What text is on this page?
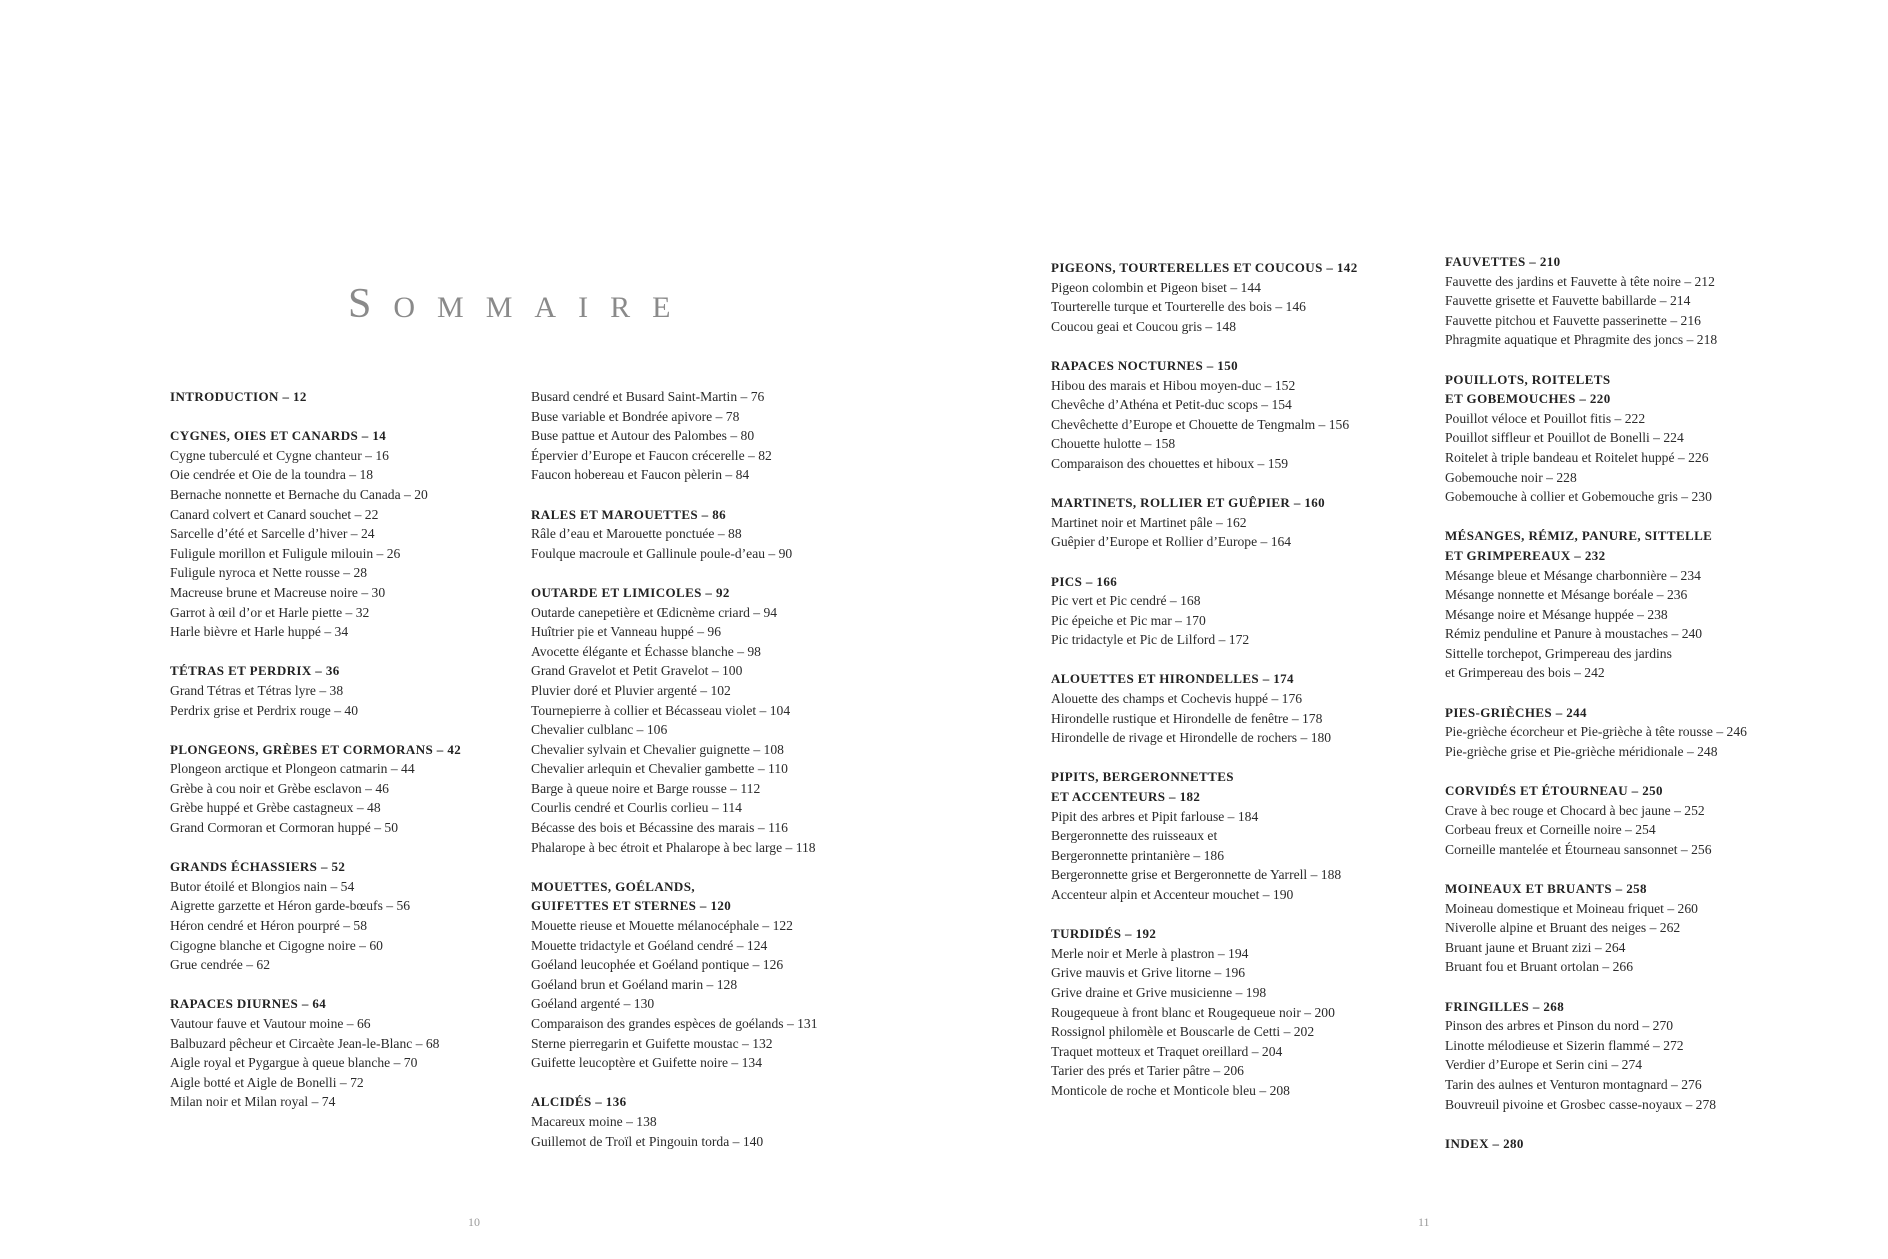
SOMMAIRE
INTRODUCTION – 12
CYGNES, OIES ET CANARDS – 14
Cygne tuberculé et Cygne chanteur – 16
Oie cendrée et Oie de la toundra – 18
Bernache nonnette et Bernache du Canada – 20
Canard colvert et Canard souchet – 22
Sarcelle d’été et Sarcelle d’hiver – 24
Fuligule morillon et Fuligule milouin – 26
Fuligule nyroca et Nette rousse – 28
Macreuse brune et Macreuse noire – 30
Garrot à œil d’or et Harle piette – 32
Harle bièvre et Harle huppé – 34
TÉTRAS ET PERDRIX – 36
Grand Tétras et Tétras lyre – 38
Perdrix grise et Perdrix rouge – 40
PLONGEONS, GRÈBES ET CORMORANS – 42
Plongeon arctique et Plongeon catmarin – 44
Grèbe à cou noir et Grèbe esclavon – 46
Grèbe huppé et Grèbe castagneux – 48
Grand Cormoran et Cormoran huppé – 50
GRANDS ÉCHASSIERS – 52
Butor étoilé et Blongios nain – 54
Aigrette garzette et Héron garde-bœufs – 56
Héron cendré et Héron pourpré – 58
Cigogne blanche et Cigogne noire – 60
Grue cendrée – 62
RAPACES DIURNES – 64
Vautour fauve et Vautour moine – 66
Balbuzard pêcheur et Circaète Jean-le-Blanc – 68
Aigle royal et Pygargue à queue blanche – 70
Aigle botté et Aigle de Bonelli – 72
Milan noir et Milan royal – 74
Busard cendré et Busard Saint-Martin – 76
Buse variable et Bondrée apivore – 78
Buse pattue et Autour des Palombes – 80
Épervier d’Europe et Faucon crécerelle – 82
Faucon hobereau et Faucon pèlerin – 84
RALES ET MAROUETTES – 86
Râle d’eau et Marouette ponctuée – 88
Foulque macroule et Gallinule poule-d’eau – 90
OUTARDE ET LIMICOLES – 92
Outarde canepetière et Œdicnème criard – 94
Huîtrier pie et Vanneau huppé – 96
Avocette élégante et Échasse blanche – 98
Grand Gravelot et Petit Gravelot – 100
Pluvier doré et Pluvier argenté – 102
Tournepierre à collier et Bécasseau violet – 104
Chevalier culblanc – 106
Chevalier sylvain et Chevalier guignette – 108
Chevalier arlequin et Chevalier gambette – 110
Barge à queue noire et Barge rousse – 112
Courlis cendré et Courlis corlieu – 114
Bécasse des bois et Bécassine des marais – 116
Phalarope à bec étroit et Phalarope à bec large – 118
MOUETTES, GOÉLANDS,
GUIFETTES ET STERNES – 120
Mouette rieuse et Mouette mélanocéphale – 122
Mouette tridactyle et Goéland cendré – 124
Goéland leucophée et Goéland pontique – 126
Goéland brun et Goéland marin – 128
Goéland argenté – 130
Comparaison des grandes espèces de goélands – 131
Sterne pierregarin et Guifette moustac – 132
Guifette leucoptère et Guifette noire – 134
ALCIDÉS – 136
Macareux moine – 138
Guillemot de Troïl et Pingouin torda – 140
PIGEONS, TOURTERELLES ET COUCOUS – 142
Pigeon colombin et Pigeon biset – 144
Tourterelle turque et Tourterelle des bois – 146
Coucou geai et Coucou gris – 148
RAPACES NOCTURNES – 150
Hibou des marais et Hibou moyen-duc – 152
Chevêche d’Athéna et Petit-duc scops – 154
Chevêchette d’Europe et Chouette de Tengmalm – 156
Chouette hulotte – 158
Comparaison des chouettes et hiboux – 159
MARTINETS, ROLLIER ET GUÊPIER – 160
Martinet noir et Martinet pâle – 162
Guêpier d’Europe et Rollier d’Europe – 164
PICS – 166
Pic vert et Pic cendré – 168
Pic épeiche et Pic mar – 170
Pic tridactyle et Pic de Lilford – 172
ALOUETTES ET HIRONDELLES – 174
Alouette des champs et Cochevis huppé – 176
Hirondelle rustique et Hirondelle de fenêtre – 178
Hirondelle de rivage et Hirondelle de rochers – 180
PIPITS, BERGERONNETTES
ET ACCENTEURS – 182
Pipit des arbres et Pipit farlouse – 184
Bergeronnette des ruisseaux et
Bergeronnette printanière – 186
Bergeronnette grise et Bergeronnette de Yarrell – 188
Accenteur alpin et Accenteur mouchet – 190
TURDIDÉS – 192
Merle noir et Merle à plastron – 194
Grive mauvis et Grive litorne – 196
Grive draine et Grive musicienne – 198
Rougequeue à front blanc et Rougequeue noir – 200
Rossignol philomèle et Bouscarle de Cetti – 202
Traquet motteux et Traquet oreillard – 204
Tarier des prés et Tarier pâtre – 206
Monticole de roche et Monticole bleu – 208
FAUVETTES – 210
Fauvette des jardins et Fauvette à tête noire – 212
Fauvette grisette et Fauvette babillarde – 214
Fauvette pitchou et Fauvette passerinette – 216
Phragmite aquatique et Phragmite des joncs – 218
POUILLOTS, ROITELETS
ET GOBEMOUCHES – 220
Pouillot véloce et Pouillot fitis – 222
Pouillot siffleur et Pouillot de Bonelli – 224
Roitelet à triple bandeau et Roitelet huppé – 226
Gobemouche noir – 228
Gobemouche à collier et Gobemouche gris – 230
MÉSANGES, RÉMIZ, PANURE, SITTELLE
ET GRIMPEREAUX – 232
Mésange bleue et Mésange charbonnière – 234
Mésange nonnette et Mésange boréale – 236
Mésange noire et Mésange huppée – 238
Rémiz penduline et Panure à moustaches – 240
Sittelle torchepot, Grimpereau des jardins
et Grimpereau des bois – 242
PIES-GRIÈCHES – 244
Pie-grièche écorcheur et Pie-grièche à tête rousse – 246
Pie-grièche grise et Pie-grièche méridionale – 248
CORVIDÉS ET ÉTOURNEAU – 250
Crave à bec rouge et Chocard à bec jaune – 252
Corbeau freux et Corneille noire – 254
Corneille mantelée et Étourneau sansonnet – 256
MOINEAUX ET BRUANTS – 258
Moineau domestique et Moineau friquet – 260
Niverolle alpine et Bruant des neiges – 262
Bruant jaune et Bruant zizi – 264
Bruant fou et Bruant ortolan – 266
FRINGILLES – 268
Pinson des arbres et Pinson du nord – 270
Linotte mélodieuse et Sizerin flammé – 272
Verdier d’Europe et Serin cini – 274
Tarin des aulnes et Venturon montagnard – 276
Bouvreuil pivoine et Grosbec casse-noyaux – 278
INDEX – 280
10	11
